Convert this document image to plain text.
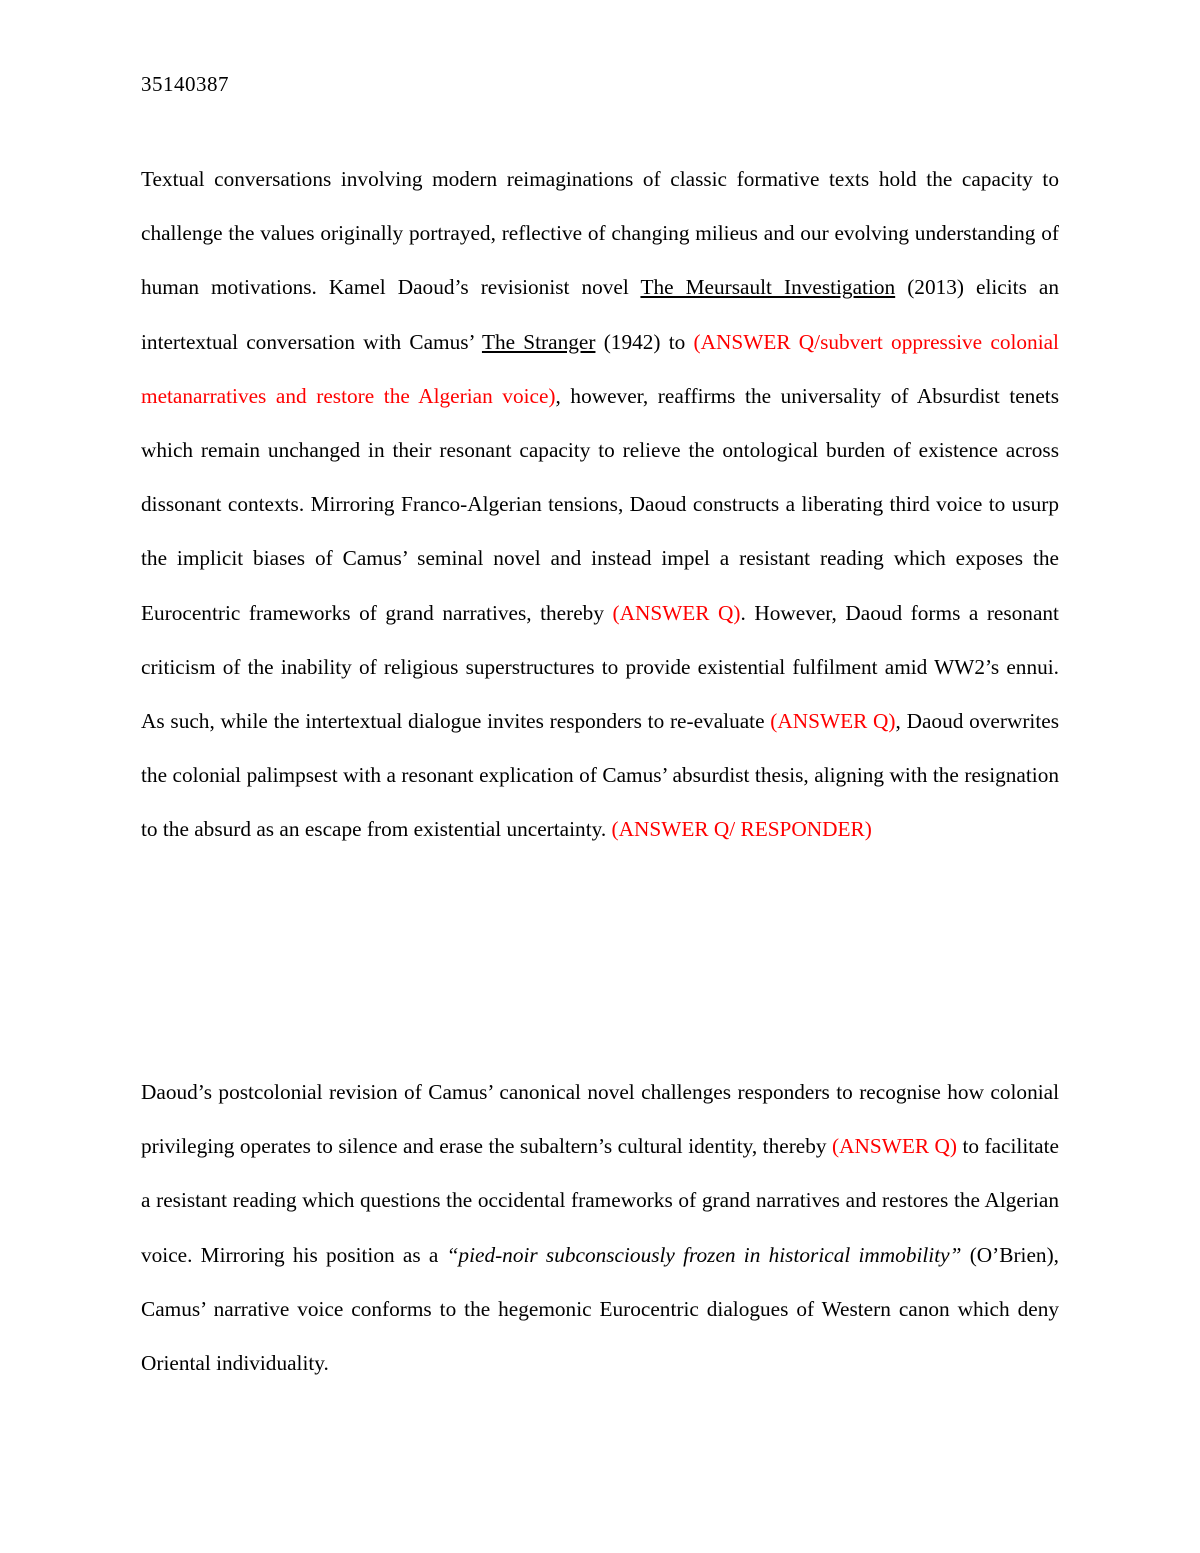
35140387

Textual conversations involving modern reimaginations of classic formative texts hold the capacity to challenge the values originally portrayed, reflective of changing milieus and our evolving understanding of human motivations. Kamel Daoud’s revisionist novel The Meursault Investigation (2013) elicits an intertextual conversation with Camus’ The Stranger (1942) to (ANSWER Q/subvert oppressive colonial metanarratives and restore the Algerian voice), however, reaffirms the universality of Absurdist tenets which remain unchanged in their resonant capacity to relieve the ontological burden of existence across dissonant contexts. Mirroring Franco-Algerian tensions, Daoud constructs a liberating third voice to usurp the implicit biases of Camus’ seminal novel and instead impel a resistant reading which exposes the Eurocentric frameworks of grand narratives, thereby (ANSWER Q). However, Daoud forms a resonant criticism of the inability of religious superstructures to provide existential fulfilment amid WW2’s ennui. As such, while the intertextual dialogue invites responders to re-evaluate (ANSWER Q), Daoud overwrites the colonial palimpsest with a resonant explication of Camus’ absurdist thesis, aligning with the resignation to the absurd as an escape from existential uncertainty. (ANSWER Q/ RESPONDER)

Daoud’s postcolonial revision of Camus’ canonical novel challenges responders to recognise how colonial privileging operates to silence and erase the subaltern’s cultural identity, thereby (ANSWER Q) to facilitate a resistant reading which questions the occidental frameworks of grand narratives and restores the Algerian voice. Mirroring his position as a “pied-noir subconsciously frozen in historical immobility” (O’Brien), Camus’ narrative voice conforms to the hegemonic Eurocentric dialogues of Western canon which deny Oriental individuality.
